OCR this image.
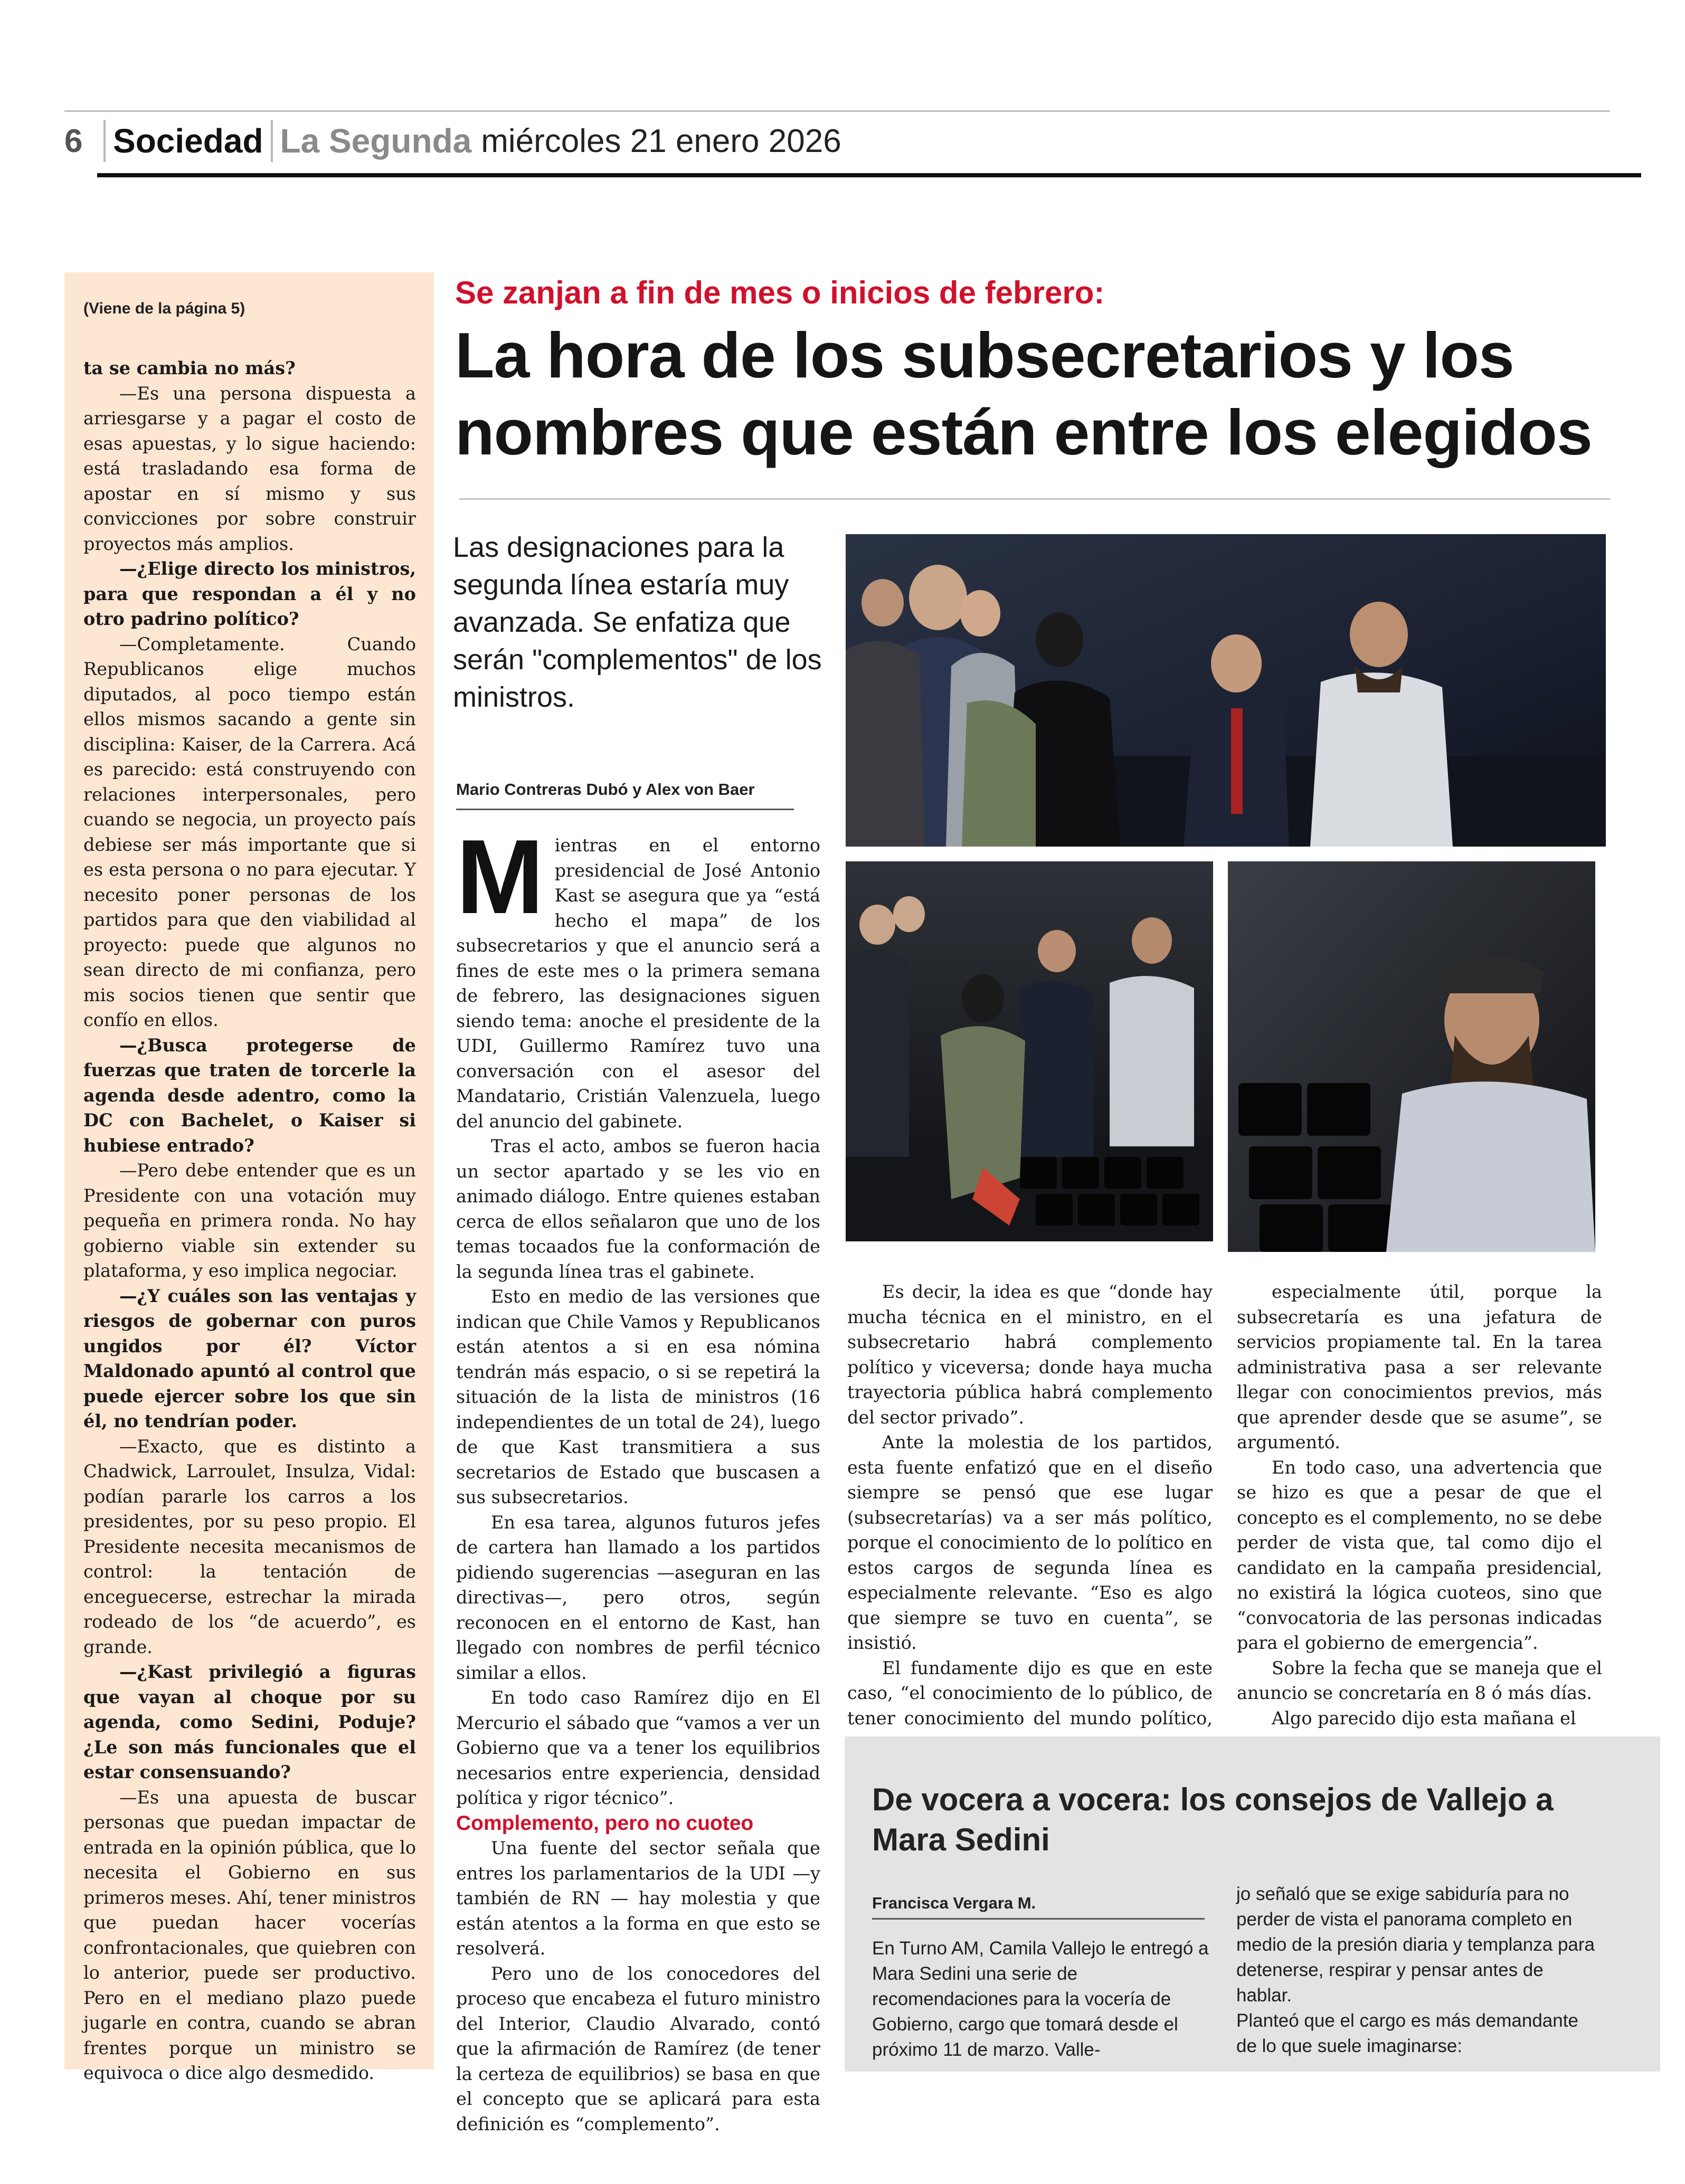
6 Sociedad La Segunda miércoles 21 enero 2026
(Viene de la página 5)

ta se cambia no más?

—Es una persona dispuesta a arriesgarse y a pagar el costo de esas apuestas, y lo sigue haciendo: está trasladando esa forma de apostar en sí mismo y sus convicciones por sobre construir proyectos más amplios.

—¿Elige directo los ministros, para que respondan a él y no otro padrino político?

—Completamente. Cuando Republicanos elige muchos diputados, al poco tiempo están ellos mismos sacando a gente sin disciplina: Kaiser, de la Carrera. Acá es parecido: está construyendo con relaciones interpersonales, pero cuando se negocia, un proyecto país debiese ser más importante que si es esta persona o no para ejecutar. Y necesito poner personas de los partidos para que den viabilidad al proyecto: puede que algunos no sean directo de mi confianza, pero mis socios tienen que sentir que confío en ellos.

—¿Busca protegerse de fuerzas que traten de torcerle la agenda desde adentro, como la DC con Bachelet, o Kaiser si hubiese entrado?

—Pero debe entender que es un Presidente con una votación muy pequeña en primera ronda. No hay gobierno viable sin extender su plataforma, y eso implica negociar.

—¿Y cuáles son las ventajas y riesgos de gobernar con puros ungidos por él? Víctor Maldonado apuntó al control que puede ejercer sobre los que sin él, no tendrían poder.

—Exacto, que es distinto a Chadwick, Larroulet, Insulza, Vidal: podían pararle los carros a los presidentes, por su peso propio. El Presidente necesita mecanismos de control: la tentación de enceguecerse, estrechar la mirada rodeado de los “de acuerdo”, es grande.

—¿Kast privilegió a figuras que vayan al choque por su agenda, como Sedini, Poduje? ¿Le son más funcionales que el estar consensuando?

—Es una apuesta de buscar personas que puedan impactar de entrada en la opinión pública, que lo necesita el Gobierno en sus primeros meses. Ahí, tener ministros que puedan hacer vocerías confrontacionales, que quiebren con lo anterior, puede ser productivo. Pero en el mediano plazo puede jugarle en contra, cuando se abran frentes porque un ministro se equivoca o dice algo desmedido.

Se zanjan a fin de mes o inicios de febrero:
La hora de los subsecretarios y los nombres que están entre los elegidos
Las designaciones para la segunda línea estaría muy avanzada. Se enfatiza que serán "complementos" de los ministros.
Mario Contreras Dubó y Alex von Baer
M ientras en el entorno presidencial de José Antonio Kast se asegura que ya “está hecho el mapa” de los subsecretarios y que el anuncio será a fines de este mes o la primera semana de febrero, las designaciones siguen siendo tema: anoche el presidente de la UDI, Guillermo Ramírez tuvo una conversación con el asesor del Mandatario, Cristián Valenzuela, luego del anuncio del gabinete.

Tras el acto, ambos se fueron hacia un sector apartado y se les vio en animado diálogo. Entre quienes estaban cerca de ellos señalaron que uno de los temas tocaados fue la conformación de la segunda línea tras el gabinete.

Esto en medio de las versiones que indican que Chile Vamos y Republicanos están atentos a si en esa nómina tendrán más espacio, o si se repetirá la situación de la lista de ministros (16 independientes de un total de 24), luego de que Kast transmitiera a sus secretarios de Estado que buscasen a sus subsecretarios.

En esa tarea, algunos futuros jefes de cartera han llamado a los partidos pidiendo sugerencias —aseguran en las directivas—, pero otros, según reconocen en el entorno de Kast, han llegado con nombres de perfil técnico similar a ellos.

En todo caso Ramírez dijo en El Mercurio el sábado que “vamos a ver un Gobierno que va a tener los equilibrios necesarios entre experiencia, densidad política y rigor técnico”.

Complemento, pero no cuoteo

Una fuente del sector señala que entres los parlamentarios de la UDI —y también de RN — hay molestia y que están atentos a la forma en que esto se resolverá.

Pero uno de los conocedores del proceso que encabeza el futuro ministro del Interior, Claudio Alvarado, contó que la afirmación de Ramírez (de tener la certeza de equilibrios) se basa en que el concepto que se aplicará para esta definición es “complemento”.

Es decir, la idea es que “donde hay mucha técnica en el ministro, en el subsecretario habrá complemento político y viceversa; donde haya mucha trayectoria pública habrá complemento del sector privado”.

Ante la molestia de los partidos, esta fuente enfatizó que en el diseño siempre se pensó que ese lugar (subsecretarías) va a ser más político, porque el conocimiento de lo político en estos cargos de segunda línea es especialmente relevante. “Eso es algo que siempre se tuvo en cuenta”, se insistió.

El fundamente dijo es que en este caso, “el conocimiento de lo público, de tener conocimiento del mundo político,

especialmente útil, porque la subsecretaría es una jefatura de servicios propiamente tal. En la tarea administrativa pasa a ser relevante llegar con conocimientos previos, más que aprender desde que se asume”, se argumentó.

En todo caso, una advertencia que se hizo es que a pesar de que el concepto es el complemento, no se debe perder de vista que, tal como dijo el candidato en la campaña presidencial, no existirá la lógica cuoteos, sino que “convocatoria de las personas indicadas para el gobierno de emergencia”.

Sobre la fecha que se maneja que el anuncio se concretaría en 8 ó más días.

Algo parecido dijo esta mañana el

De vocera a vocera: los consejos de Vallejo a Mara Sedini
Francisca Vergara M.
En Turno AM, Camila Vallejo le entregó a Mara Sedini una serie de recomendaciones para la vocería de Gobierno, cargo que tomará desde el próximo 11 de marzo. Valle-
jo señaló que se exige sabiduría para no perder de vista el panorama completo en medio de la presión diaria y templanza para detenerse, respirar y pensar antes de hablar.
Planteó que el cargo es más demandante de lo que suele imaginarse:
